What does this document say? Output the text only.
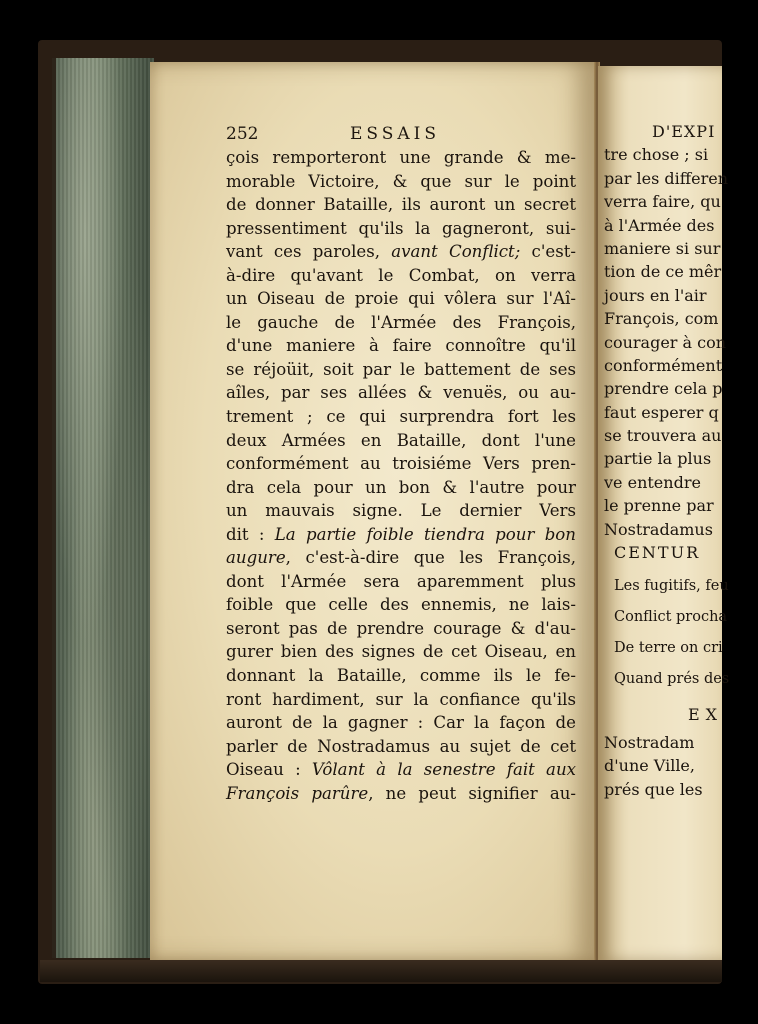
252	ESSAIS
çois remporteront une grande & me-
morable Victoire, & que sur le point
de donner Bataille, ils auront un secret
pressentiment qu'ils la gagneront, sui-
vant ces paroles, avant Conflict; c'est-
à-dire qu'avant le Combat, on verra
un Oiseau de proie qui vôlera sur l'Aî-
le gauche de l'Armée des François,
d'une maniere à faire connoître qu'il
se réjoüit, soit par le battement de ses
aîles, par ses allées & venuës, ou au-
trement ; ce qui surprendra fort les
deux Armées en Bataille, dont l'une
conformément au troisiéme Vers pren-
dra cela pour un bon & l'autre pour
un mauvais signe. Le dernier Vers
dit : La partie foible tiendra pour bon
augure, c'est-à-dire que les François,
dont l'Armée sera aparemment plus
foible que celle des ennemis, ne lais-
seront pas de prendre courage & d'au-
gurer bien des signes de cet Oiseau, en
donnant la Bataille, comme ils le fe-
ront hardiment, sur la confiance qu'ils
auront de la gagner : Car la façon de
parler de Nostradamus au sujet de cet
Oiseau : Vôlant à la senestre fait aux
François parûre, ne peut signifier au-
D'EXPI
tre chose ; si
par les differen
verra faire, qu
à l'Armée des
maniere si sur
tion de ce mêr
jours en l'air
François, com
courager à con
conformément
prendre cela p
faut esperer q
se trouvera au
partie la plus
ve entendre
le prenne par
Nostradamus
CENTUR
Les fugitifs, feu
Conflict procha
De terre on cri
Quand prés des
EX
Nostradam
d'une Ville,
prés que les
